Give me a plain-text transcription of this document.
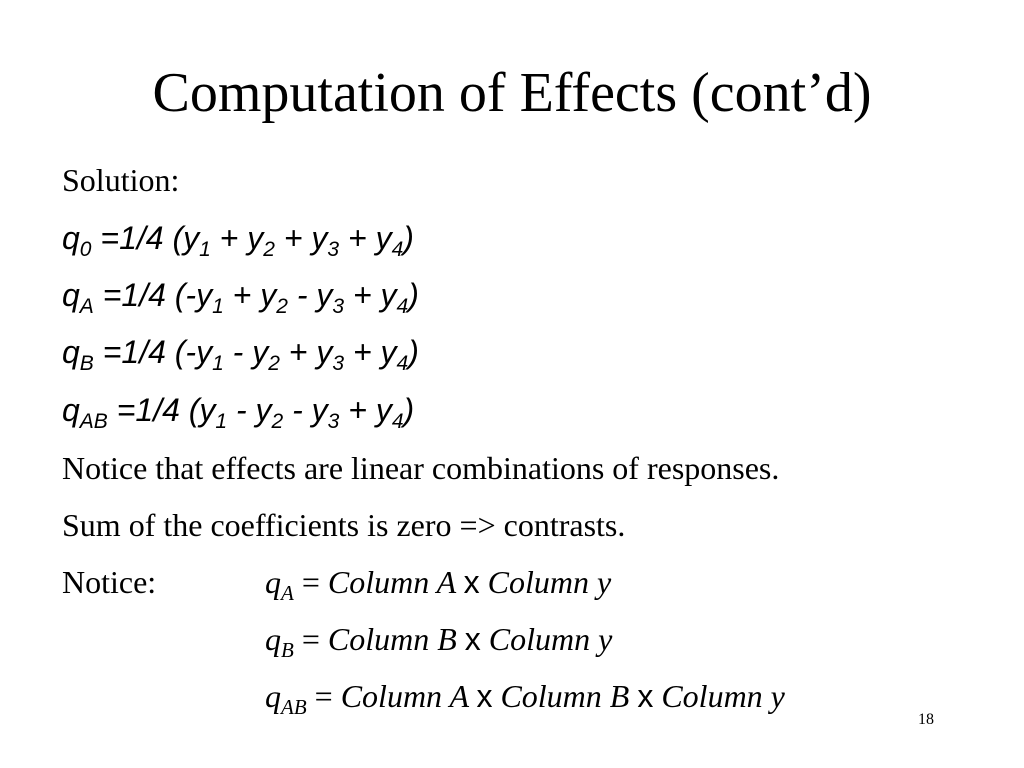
Computation of Effects (cont’d)
Solution:
$q_0 =1/4$ $(y_1 + y_2 + y_3 + y_4)$
$q_A =1/4$ $(-y_1 + y_2 - y_3 + y_4)$
$q_B =1/4$ $(-y_1 - y_2 + y_3 + y_4)$
$q_{AB} =1/4$ $(y_1 - y_2 - y_3 + y_4)$
Notice that effects are linear combinations of responses.
Sum of the coefficients is zero => contrasts.
Notice:	$q_A$ = Column A x Column y
$q_B$ = Column B x Column y
$q_{AB}$ = Column A x Column B x Column y
18
